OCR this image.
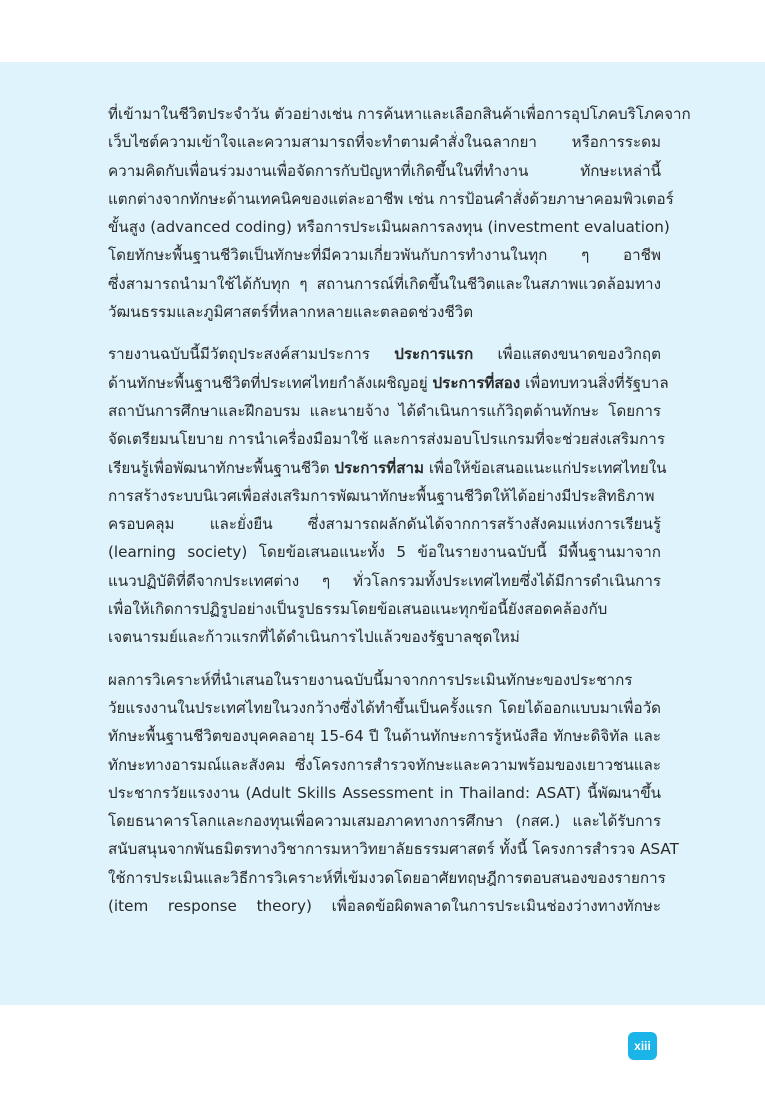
ที่เข้ามาในชีวิตประจำวัน ตัวอย่างเช่น การค้นหาและเลือกสินค้าเพื่อการอุปโภคบริโภคจาก
เว็บไซต์ความเข้าใจและความสามารถที่จะทำตามคำสั่งในฉลากยา หรือการระดม
ความคิดกับเพื่อนร่วมงานเพื่อจัดการกับปัญหาที่เกิดขึ้นในที่ทำงาน ทักษะเหล่านี้
แตกต่างจากทักษะด้านเทคนิคของแต่ละอาชีพ เช่น การป้อนคำสั่งด้วยภาษาคอมพิวเตอร์
ขั้นสูง (advanced coding) หรือการประเมินผลการลงทุน (investment evaluation)
โดยทักษะพื้นฐานชีวิตเป็นทักษะที่มีความเกี่ยวพันกับการทำงานในทุก ๆ อาชีพ
ซึ่งสามารถนำมาใช้ได้กับทุก ๆ สถานการณ์ที่เกิดขึ้นในชีวิตและในสภาพแวดล้อมทาง
วัฒนธรรมและภูมิศาสตร์ที่หลากหลายและตลอดช่วงชีวิต
รายงานฉบับนี้มีวัตถุประสงค์สามประการ ประการแรก เพื่อแสดงขนาดของวิกฤต
ด้านทักษะพื้นฐานชีวิตที่ประเทศไทยกำลังเผชิญอยู่ ประการที่สอง เพื่อทบทวนสิ่งที่รัฐบาล
สถาบันการศึกษาและฝึกอบรม และนายจ้าง ได้ดำเนินการแก้วิฤตด้านทักษะ โดยการ
จัดเตรียมนโยบาย การนำเครื่องมือมาใช้ และการส่งมอบโปรแกรมที่จะช่วยส่งเสริมการ
เรียนรู้เพื่อพัฒนาทักษะพื้นฐานชีวิต ประการที่สาม เพื่อให้ข้อเสนอแนะแก่ประเทศไทยใน
การสร้างระบบนิเวศเพื่อส่งเสริมการพัฒนาทักษะพื้นฐานชีวิตให้ได้อย่างมีประสิทธิภาพ
ครอบคลุม และยั่งยืน ซึ่งสามารถผลักดันได้จากการสร้างสังคมแห่งการเรียนรู้
(learning society) โดยข้อเสนอแนะทั้ง 5 ข้อในรายงานฉบับนี้ มีพื้นฐานมาจาก
แนวปฏิบัติที่ดีจากประเทศต่าง ๆ ทั่วโลกรวมทั้งประเทศไทยซึ่งได้มีการดำเนินการ
เพื่อให้เกิดการปฏิรูปอย่างเป็นรูปธรรมโดยข้อเสนอแนะทุกข้อนี้ยังสอดคล้องกับ
เจตนารมย์และก้าวแรกที่ได้ดำเนินการไปแล้วของรัฐบาลชุดใหม่
ผลการวิเคราะห์ที่นำเสนอในรายงานฉบับนี้มาจากการประเมินทักษะของประชากร
วัยแรงงานในประเทศไทยในวงกว้างซึ่งได้ทำขึ้นเป็นครั้งแรก โดยได้ออกแบบมาเพื่อวัด
ทักษะพื้นฐานชีวิตของบุคคลอายุ 15-64 ปี ในด้านทักษะการรู้หนังสือ ทักษะดิจิทัล และ
ทักษะทางอารมณ์และสังคม ซึ่งโครงการสำรวจทักษะและความพร้อมของเยาวชนและ
ประชากรวัยแรงงาน (Adult Skills Assessment in Thailand: ASAT) นี้พัฒนาขึ้น
โดยธนาคารโลกและกองทุนเพื่อความเสมอภาคทางการศึกษา (กสศ.) และได้รับการ
สนับสนุนจากพันธมิตรทางวิชาการมหาวิทยาลัยธรรมศาสตร์ ทั้งนี้ โครงการสำรวจ ASAT
ใช้การประเมินและวิธีการวิเคราะห์ที่เข้มงวดโดยอาศัยทฤษฎีการตอบสนองของรายการ
(item response theory) เพื่อลดข้อผิดพลาดในการประเมินช่องว่างทางทักษะ
xiii
